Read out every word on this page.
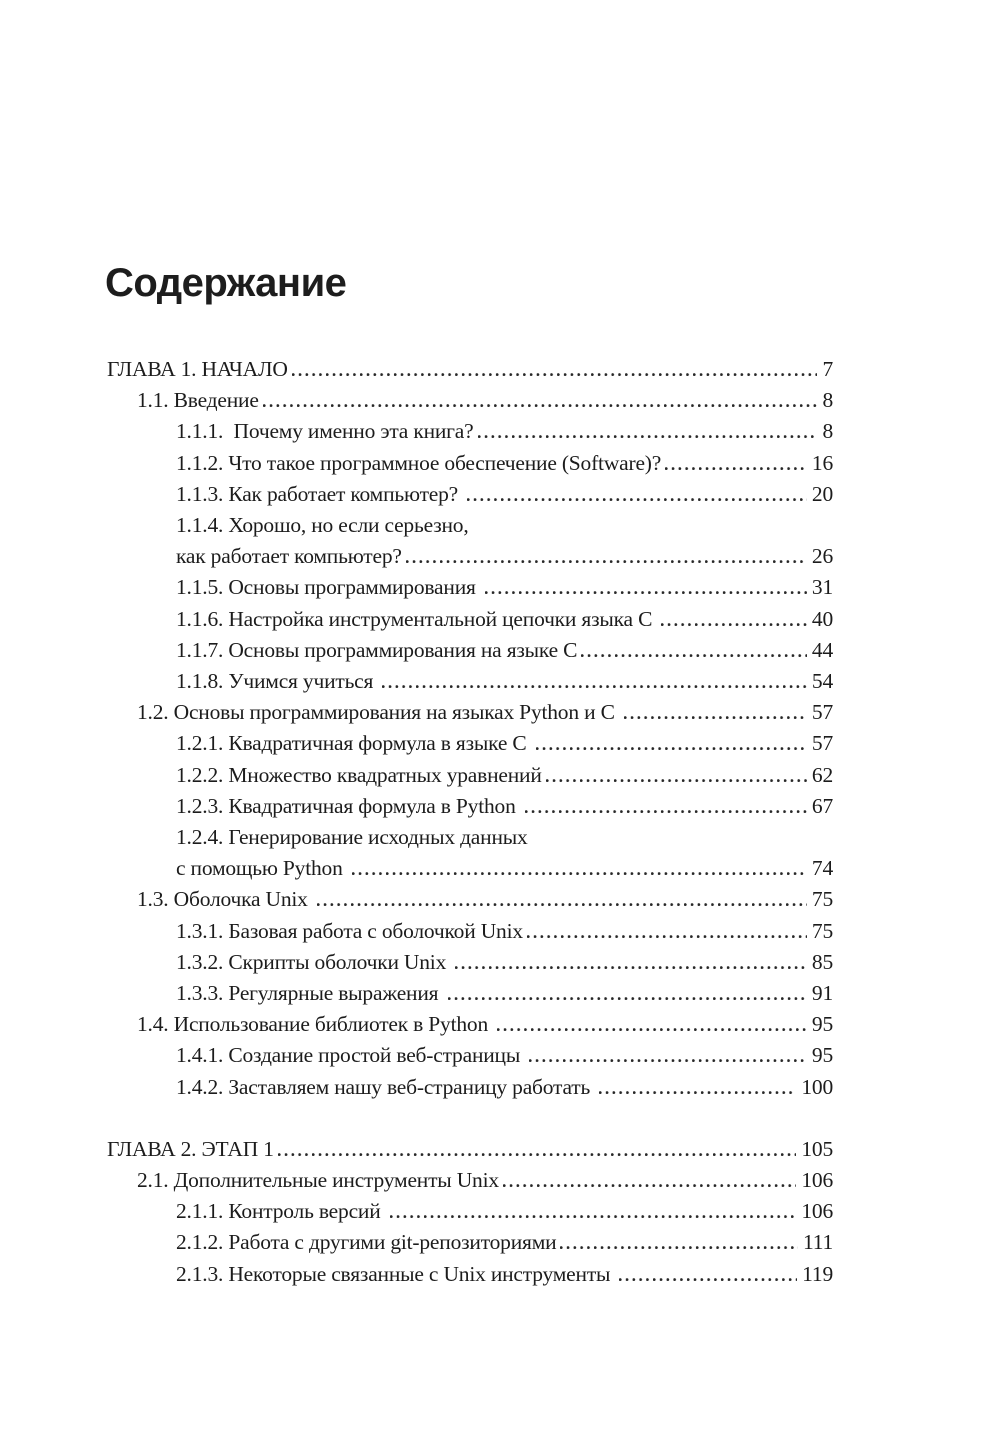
Содержание
ГЛАВА 1. НАЧАЛО	7
1.1. Введение	8
1.1.1.  Почему именно эта книга?	8
1.1.2. Что такое программное обеспечение (Software)?	16
1.1.3. Как работает компьютер?	20
1.1.4. Хорошо, но если серьезно,
как работает компьютер?	26
1.1.5. Основы программирования	31
1.1.6. Настройка инструментальной цепочки языка C	40
1.1.7. Основы программирования на языке C	44
1.1.8. Учимся учиться	54
1.2. Основы программирования на языках Python и C	57
1.2.1. Квадратичная формула в языке C	57
1.2.2. Множество квадратных уравнений	62
1.2.3. Квадратичная формула в Python	67
1.2.4. Генерирование исходных данных
с помощью Python	74
1.3. Оболочка Unix	75
1.3.1. Базовая работа с оболочкой Unix	75
1.3.2. Скрипты оболочки Unix	85
1.3.3. Регулярные выражения	91
1.4. Использование библиотек в Python	95
1.4.1. Создание простой веб-страницы	95
1.4.2. Заставляем нашу веб-страницу работать	100
ГЛАВА 2. ЭТАП 1	105
2.1. Дополнительные инструменты Unix	106
2.1.1. Контроль версий	106
2.1.2. Работа с другими git-репозиториями	111
2.1.3. Некоторые связанные с Unix инструменты	119
